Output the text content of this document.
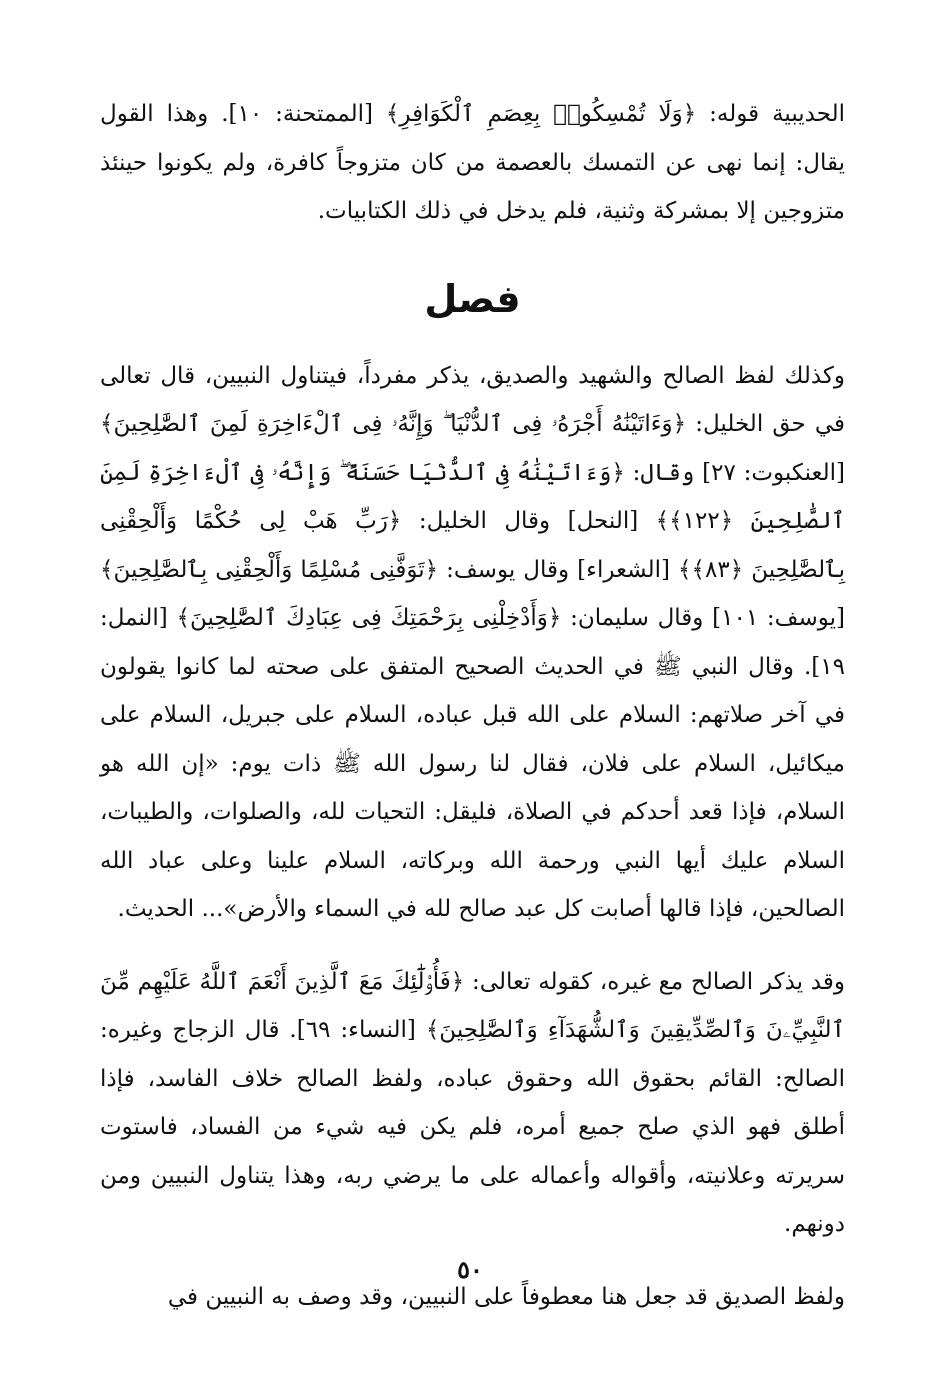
الحديبية قوله: ﴿وَلَا تُمْسِكُوا۟ بِعِصَمِ ٱلْكَوَافِرِ﴾ [الممتحنة: ١٠]. وهذا القول يقال: إنما نهى عن التمسك بالعصمة من كان متزوجاً كافرة، ولم يكونوا حينئذ متزوجين إلا بمشركة وثنية، فلم يدخل في ذلك الكتابيات.

فصل

وكذلك لفظ الصالح والشهيد والصديق، يذكر مفرداً، فيتناول النبيين، قال تعالى في حق الخليل: ﴿وَءَاتَيْنَٰهُ أَجْرَهُۥ فِى ٱلدُّنْيَا ۖ وَإِنَّهُۥ فِى ٱلْءَاخِرَةِ لَمِنَ ٱلصَّٰلِحِينَ﴾ [العنكبوت: ٢٧] وقال: ﴿وَءَاتَيْنَٰهُ فِى ٱلدُّنْيَا حَسَنَةً ۖ وَإِنَّهُۥ فِى ٱلْءَاخِرَةِ لَمِنَ ٱلصَّٰلِحِينَ ﴿١٢٢﴾﴾ [النحل] وقال الخليل: ﴿رَبِّ هَبْ لِى حُكْمًا وَأَلْحِقْنِى بِٱلصَّٰلِحِينَ ﴿٨٣﴾﴾ [الشعراء] وقال يوسف: ﴿تَوَفَّنِى مُسْلِمًا وَأَلْحِقْنِى بِٱلصَّٰلِحِينَ﴾ [يوسف: ١٠١] وقال سليمان: ﴿وَأَدْخِلْنِى بِرَحْمَتِكَ فِى عِبَادِكَ ٱلصَّٰلِحِينَ﴾ [النمل: ١٩]. وقال النبي ﷺ في الحديث الصحيح المتفق على صحته لما كانوا يقولون في آخر صلاتهم: السلام على الله قبل عباده، السلام على جبريل، السلام على ميكائيل، السلام على فلان، فقال لنا رسول الله ﷺ ذات يوم: «إن الله هو السلام، فإذا قعد أحدكم في الصلاة، فليقل: التحيات لله، والصلوات، والطيبات، السلام عليك أيها النبي ورحمة الله وبركاته، السلام علينا وعلى عباد الله الصالحين، فإذا قالها أصابت كل عبد صالح لله في السماء والأرض»... الحديث.

وقد يذكر الصالح مع غيره، كقوله تعالى: ﴿فَأُو۟لَٰٓئِكَ مَعَ ٱلَّذِينَ أَنْعَمَ ٱللَّهُ عَلَيْهِم مِّنَ ٱلنَّبِيِّۦنَ وَٱلصِّدِّيقِينَ وَٱلشُّهَدَآءِ وَٱلصَّٰلِحِينَ﴾ [النساء: ٦٩]. قال الزجاج وغيره: الصالح: القائم بحقوق الله وحقوق عباده، ولفظ الصالح خلاف الفاسد، فإذا أطلق فهو الذي صلح جميع أمره، فلم يكن فيه شيء من الفساد، فاستوت سريرته وعلانيته، وأقواله وأعماله على ما يرضي ربه، وهذا يتناول النبيين ومن دونهم.

ولفظ الصديق قد جعل هنا معطوفاً على النبيين، وقد وصف به النبيين في

٥٠
